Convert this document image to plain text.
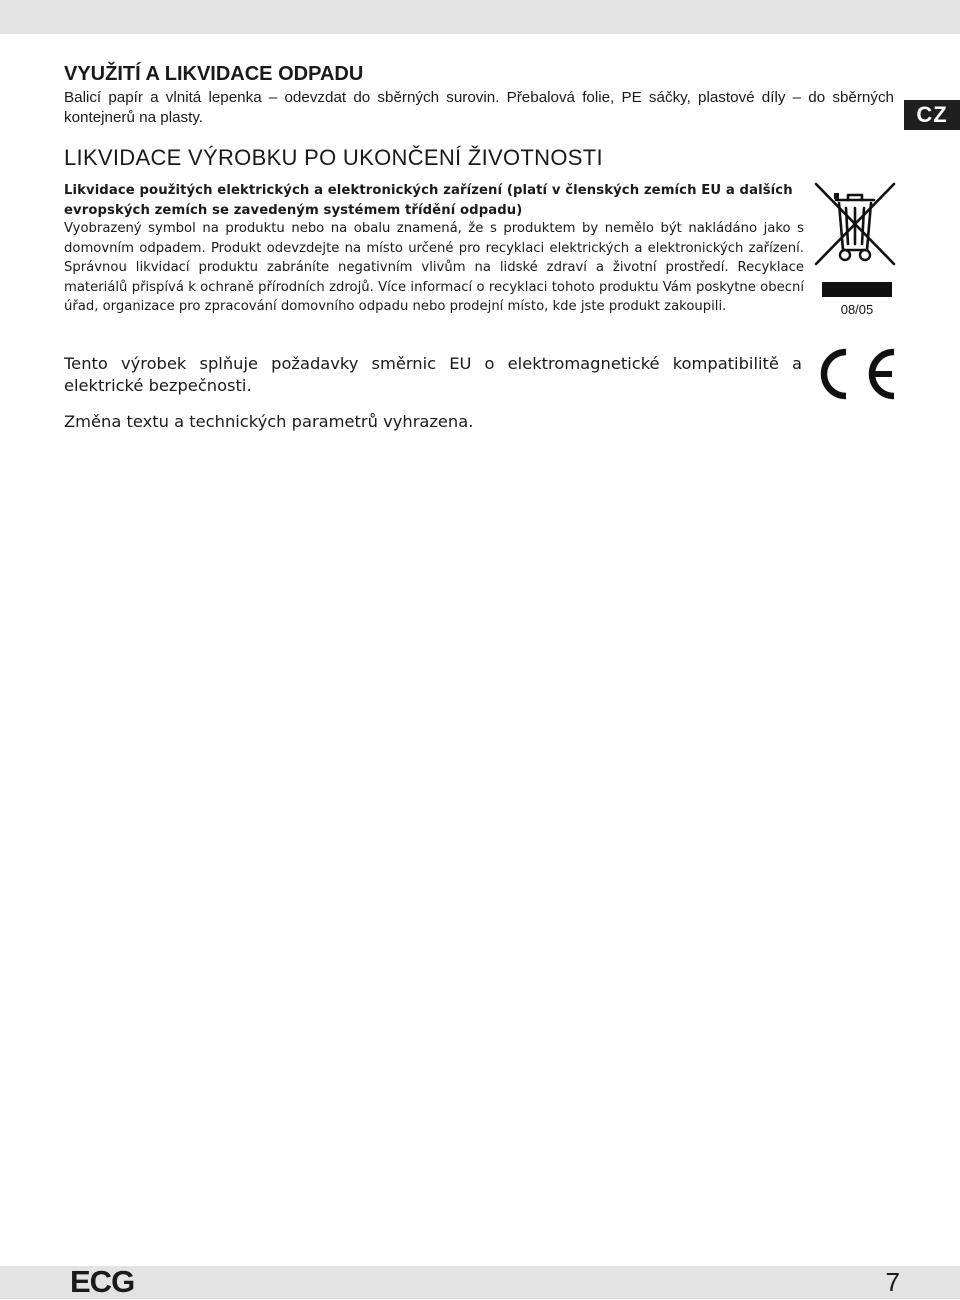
CZ
VYUŽITÍ A LIKVIDACE ODPADU

Balicí papír a vlnitá lepenka – odevzdat do sběrných surovin. Přebalová folie, PE sáčky, plastové díly – do sběrných kontejnerů na plasty.

LIKVIDACE VÝROBKU PO UKONČENÍ ŽIVOTNOSTI

Likvidace použitých elektrických a elektronických zařízení (platí v členských zemích EU a dalších evropských zemích se zavedeným systémem třídění odpadu)

Vyobrazený symbol na produktu nebo na obalu znamená, že s produktem by nemělo být nakládáno jako s domovním odpadem. Produkt odevzdejte na místo určené pro recyklaci elektrických a elektronických zařízení. Správnou likvidací produktu zabráníte negativním vlivům na lidské zdraví a životní prostředí. Recyklace materiálů přispívá k ochraně přírodních zdrojů. Více informací o recyklaci tohoto produktu Vám poskytne obecní úřad, organizace pro zpracování domovního odpadu nebo prodejní místo, kde jste produkt zakoupili.	08/05

Tento výrobek splňuje požadavky směrnic EU o elektromagnetické kompatibilitě a elektrické bezpečnosti.

Změna textu a technických parametrů vyhrazena.

ECG	7
